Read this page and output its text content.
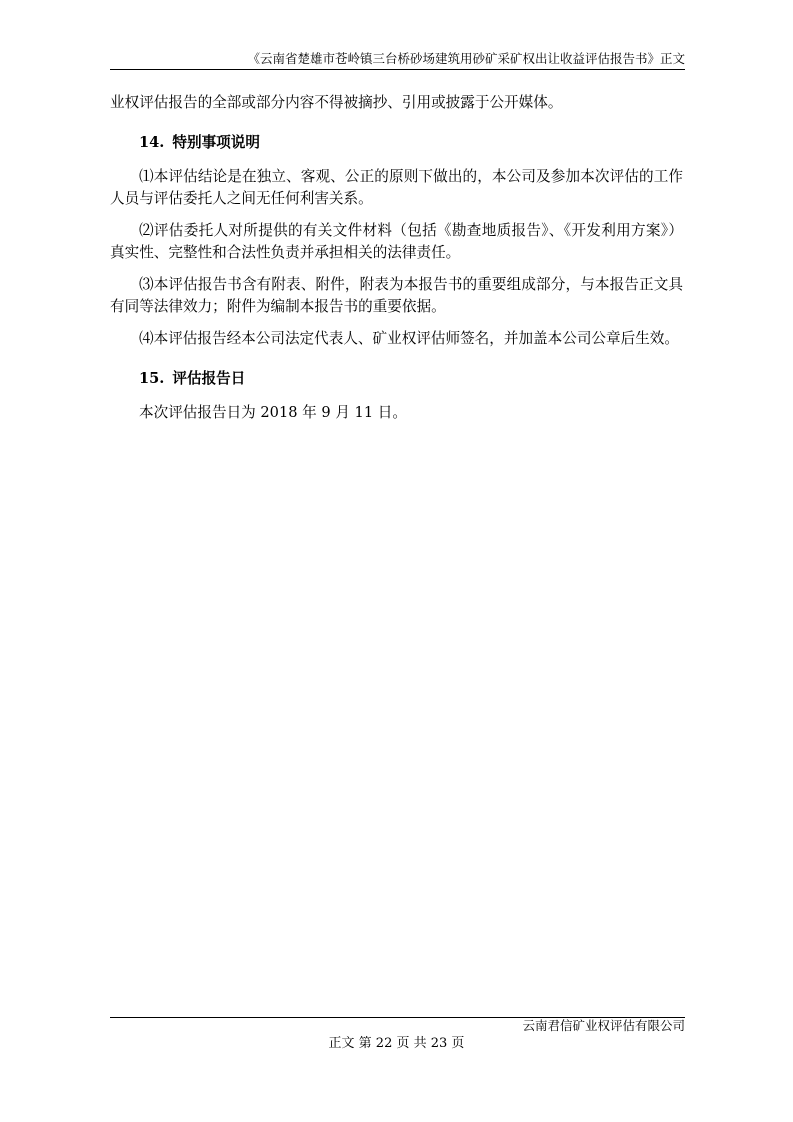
《云南省楚雄市苍岭镇三台桥砂场建筑用砂矿采矿权出让收益评估报告书》正文

业权评估报告的全部或部分内容不得被摘抄、引用或披露于公开媒体。

14. 特别事项说明

⑴本评估结论是在独立、客观、公正的原则下做出的，本公司及参加本次评估的工作人员与评估委托人之间无任何利害关系。

⑵评估委托人对所提供的有关文件材料（包括《勘查地质报告》、《开发利用方案》）真实性、完整性和合法性负责并承担相关的法律责任。

⑶本评估报告书含有附表、附件，附表为本报告书的重要组成部分，与本报告正文具有同等法律效力；附件为编制本报告书的重要依据。

⑷本评估报告经本公司法定代表人、矿业权评估师签名，并加盖本公司公章后生效。

15. 评估报告日

本次评估报告日为 2018 年 9 月 11 日。

云南君信矿业权评估有限公司
正文 第 22 页 共 23 页
